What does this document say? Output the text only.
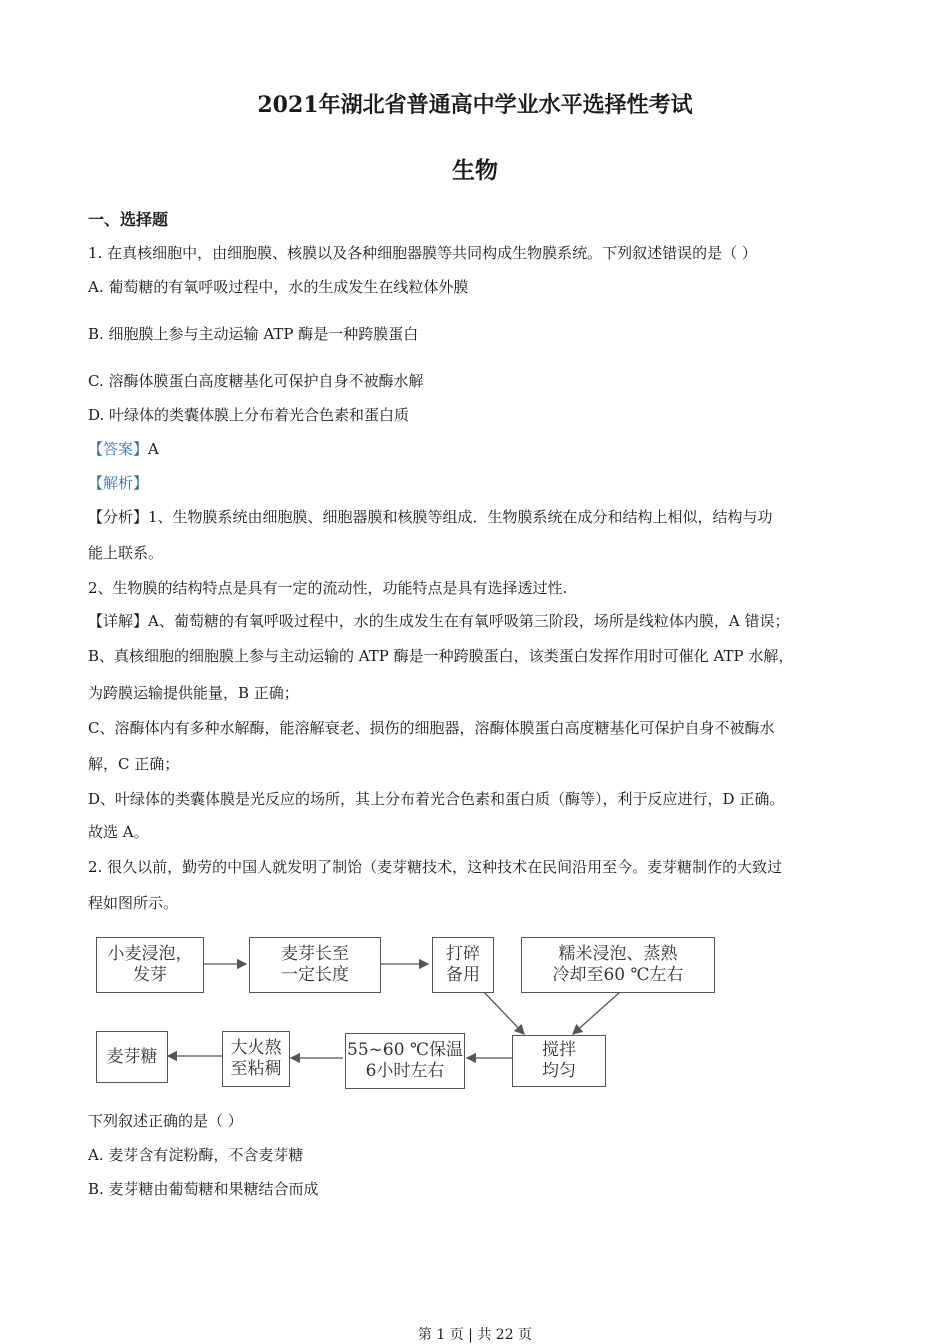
2021年湖北省普通高中学业水平选择性考试
生物
一、选择题
1. 在真核细胞中，由细胞膜、核膜以及各种细胞器膜等共同构成生物膜系统。下列叙述错误的是（ ）
A. 葡萄糖的有氧呼吸过程中，水的生成发生在线粒体外膜
B. 细胞膜上参与主动运输 ATP 酶是一种跨膜蛋白
C. 溶酶体膜蛋白高度糖基化可保护自身不被酶水解
D. 叶绿体的类囊体膜上分布着光合色素和蛋白质
【答案】A
【解析】
【分析】1、生物膜系统由细胞膜、细胞器膜和核膜等组成．生物膜系统在成分和结构上相似，结构与功
能上联系。
2、生物膜的结构特点是具有一定的流动性，功能特点是具有选择透过性.
【详解】A、葡萄糖的有氧呼吸过程中，水的生成发生在有氧呼吸第三阶段，场所是线粒体内膜，A 错误；
B、真核细胞的细胞膜上参与主动运输的 ATP 酶是一种跨膜蛋白，该类蛋白发挥作用时可催化 ATP 水解，
为跨膜运输提供能量，B 正确；
C、溶酶体内有多种水解酶，能溶解衰老、损伤的细胞器，溶酶体膜蛋白高度糖基化可保护自身不被酶水
解，C 正确；
D、叶绿体的类囊体膜是光反应的场所，其上分布着光合色素和蛋白质（酶等），利于反应进行，D 正确。
故选 A。
2. 很久以前，勤劳的中国人就发明了制饴（麦芽糖技术，这种技术在民间沿用至今。麦芽糖制作的大致过
程如图所示。
小麦浸泡，
发芽
麦芽长至
一定长度
打碎
备用
糯米浸泡、蒸熟
冷却至60 ℃左右
搅拌
均匀
55~60 ℃保温
6小时左右
大火熬
至粘稠
麦芽糖
下列叙述正确的是（ ）
A. 麦芽含有淀粉酶，不含麦芽糖
B. 麦芽糖由葡萄糖和果糖结合而成
第 1 页 | 共 22 页
